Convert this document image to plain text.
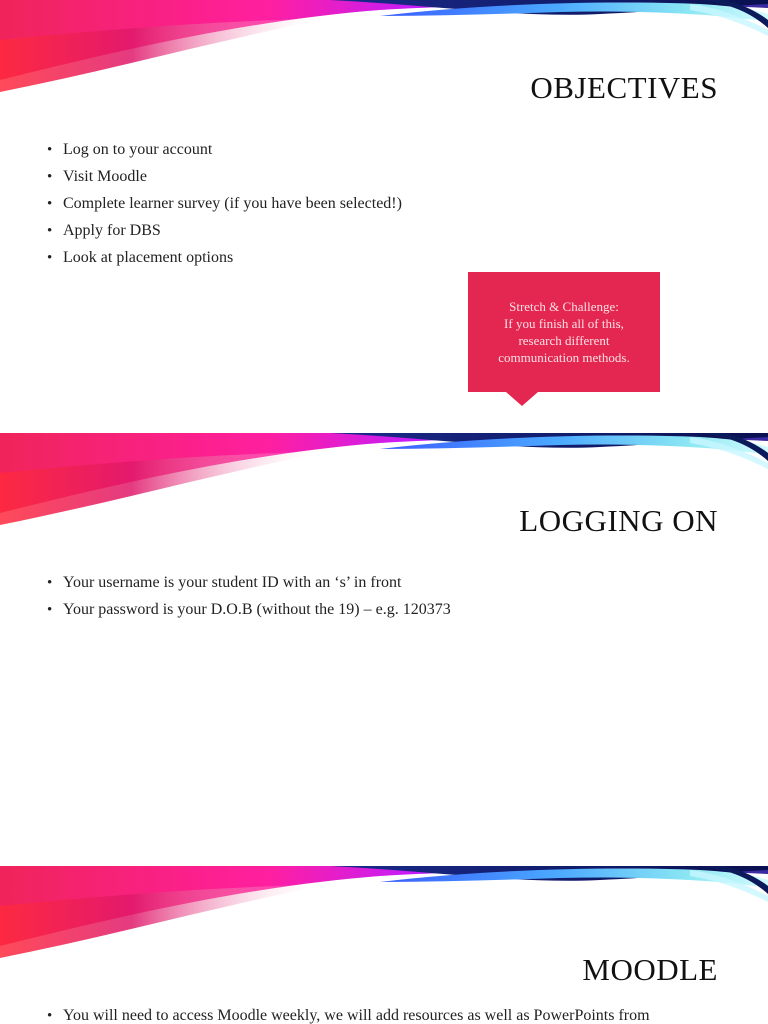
OBJECTIVES
• Log on to your account
• Visit Moodle
• Complete learner survey (if you have been selected!)
• Apply for DBS
• Look at placement options
Stretch & Challenge:
If you finish all of this,
research different
communication methods.
LOGGING ON
• Your username is your student ID with an ‘s’ in front
• Your password is your D.O.B (without the 19) – e.g. 120373
MOODLE
• You will need to access Moodle weekly, we will add resources as well as PowerPoints from
